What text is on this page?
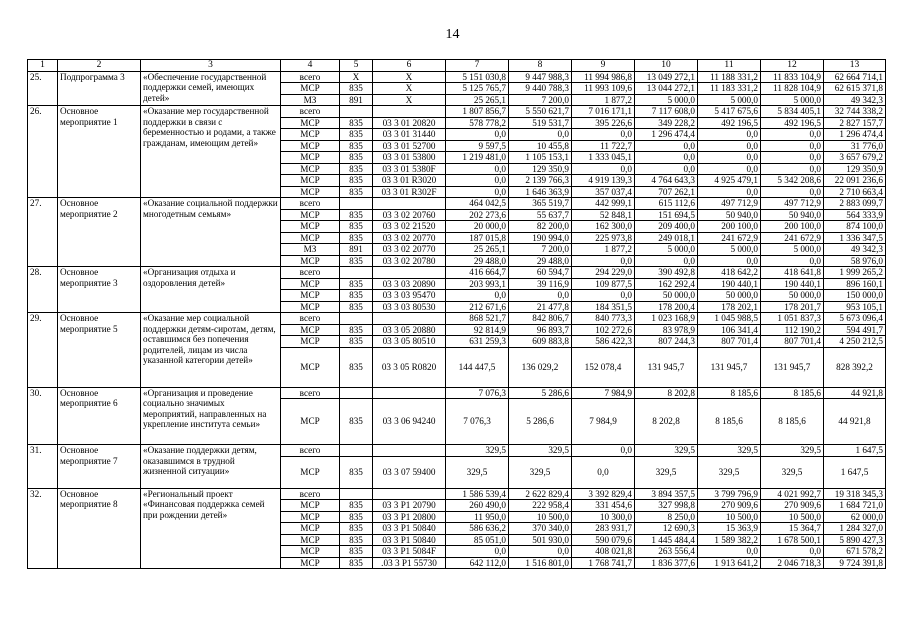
14
1	2	3	4	5	6	7	8	9	10	11	12	13
25.	Подпрограмма 3	«Обеспечение государственной поддержки семей, имеющих детей»	всего	Х	Х	5 151 030,8	9 447 988,3	11 994 986,8	13 049 272,1	11 188 331,2	11 833 104,9	62 664 714,1
			МСР	835	Х	5 125 765,7	9 440 788,3	11 993 109,6	13 044 272,1	11 183 331,2	11 828 104,9	62 615 371,8
			МЗ	891	Х	25 265,1	7 200,0	1 877,2	5 000,0	5 000,0	5 000,0	49 342,3
26.	Основное мероприятие 1	«Оказание мер государственной поддержки в связи с беременностью и родами, а также гражданам, имеющим детей»	всего			1 807 856,7	5 550 621,7	7 016 171,1	7 117 608,0	5 417 675,6	5 834 405,1	32 744 338,2
			МСР	835	03 3 01 20820	578 778,2	519 531,7	395 226,6	349 228,2	492 196,5	492 196,5	2 827 157,7
			МСР	835	03 3 01 31440	0,0	0,0	0,0	1 296 474,4	0,0	0,0	1 296 474,4
			МСР	835	03 3 01 52700	9 597,5	10 455,8	11 722,7	0,0	0,0	0,0	31 776,0
			МСР	835	03 3 01 53800	1 219 481,0	1 105 153,1	1 333 045,1	0,0	0,0	0,0	3 657 679,2
			МСР	835	03 3 01 5380F	0,0	129 350,9	0,0	0,0	0,0	0,0	129 350,9
			МСР	835	03 3 01 R3020	0,0	2 139 766,3	4 919 139,3	4 764 643,3	4 925 479,1	5 342 208,6	22 091 236,6
			МСР	835	03 3 01 R302F	0,0	1 646 363,9	357 037,4	707 262,1	0,0	0,0	2 710 663,4
27.	Основное мероприятие 2	«Оказание социальной поддержки многодетным семьям»	всего			464 042,5	365 519,7	442 999,1	615 112,6	497 712,9	497 712,9	2 883 099,7
			МСР	835	03 3 02 20760	202 273,6	55 637,7	52 848,1	151 694,5	50 940,0	50 940,0	564 333,9
			МСР	835	03 3 02 21520	20 000,0	82 200,0	162 300,0	209 400,0	200 100,0	200 100,0	874 100,0
			МСР	835	03 3 02 20770	187 015,8	190 994,0	225 973,8	249 018,1	241 672,9	241 672,9	1 336 347,5
			МЗ	891	03 3 02 20770	25 265,1	7 200,0	1 877,2	5 000,0	5 000,0	5 000,0	49 342,3
			МСР	835	03 3 02 20780	29 488,0	29 488,0	0,0	0,0	0,0	0,0	58 976,0
28.	Основное мероприятие 3	«Организация отдыха и оздоровления детей»	всего			416 664,7	60 594,7	294 229,0	390 492,8	418 642,2	418 641,8	1 999 265,2
			МСР	835	03 3 03 20890	203 993,1	39 116,9	109 877,5	162 292,4	190 440,1	190 440,1	896 160,1
			МСР	835	03 3 03 95470	0,0	0,0	0,0	50 000,0	50 000,0	50 000,0	150 000,0
			МСР	835	03 3 03 80530	212 671,6	21 477,8	184 351,5	178 200,4	178 202,1	178 201,7	953 105,1
29.	Основное мероприятие 5	«Оказание мер социальной поддержки детям-сиротам, детям, оставшимся без попечения родителей, лицам из числа указанной категории детей»	всего			868 521,7	842 806,7	840 773,3	1 023 168,9	1 045 988,5	1 051 837,3	5 673 096,4
			МСР	835	03 3 05 20880	92 814,9	96 893,7	102 272,6	83 978,9	106 341,4	112 190,2	594 491,7
			МСР	835	03 3 05 80510	631 259,3	609 883,8	586 422,3	807 244,3	807 701,4	807 701,4	4 250 212,5
			МСР	835	03 3 05 R0820	144 447,5	136 029,2	152 078,4	131 945,7	131 945,7	131 945,7	828 392,2
30.	Основное мероприятие 6	«Организация и проведение социально значимых мероприятий, направленных на укрепление института семьи»	всего			7 076,3	5 286,6	7 984,9	8 202,8	8 185,6	8 185,6	44 921,8
			МСР	835	03 3 06 94240	7 076,3	5 286,6	7 984,9	8 202,8	8 185,6	8 185,6	44 921,8
31.	Основное мероприятие 7	«Оказание поддержки детям, оказавшимся в трудной жизненной ситуации»	всего			329,5	329,5	0,0	329,5	329,5	329,5	1 647,5
			МСР	835	03 3 07 59400	329,5	329,5	0,0	329,5	329,5	329,5	1 647,5
32.	Основное мероприятие 8	«Региональный проект «Финансовая поддержка семей при рождении детей»	всего			1 586 539,4	2 622 829,4	3 392 829,4	3 894 357,5	3 799 796,9	4 021 992,7	19 318 345,3
			МСР	835	03 3 P1 20790	260 490,0	222 958,4	331 454,6	327 998,8	270 909,6	270 909,6	1 684 721,0
			МСР	835	03 3 P1 20800	11 950,0	10 500,0	10 300,0	8 250,0	10 500,0	10 500,0	62 000,0
			МСР	835	03 3 P1 50840	586 636,2	370 340,0	283 931,7	12 690,3	15 363,9	15 364,7	1 284 327,0
			МСР	835	03 3 P1 50840	85 051,0	501 930,0	590 079,6	1 445 484,4	1 589 382,2	1 678 500,1	5 890 427,3
			МСР	835	03 3 P1 5084F	0,0	0,0	408 021,8	263 556,4	0,0	0,0	671 578,2
			МСР	835	.03 3 P1 55730	642 112,0	1 516 801,0	1 768 741,7	1 836 377,6	1 913 641,2	2 046 718,3	9 724 391,8
